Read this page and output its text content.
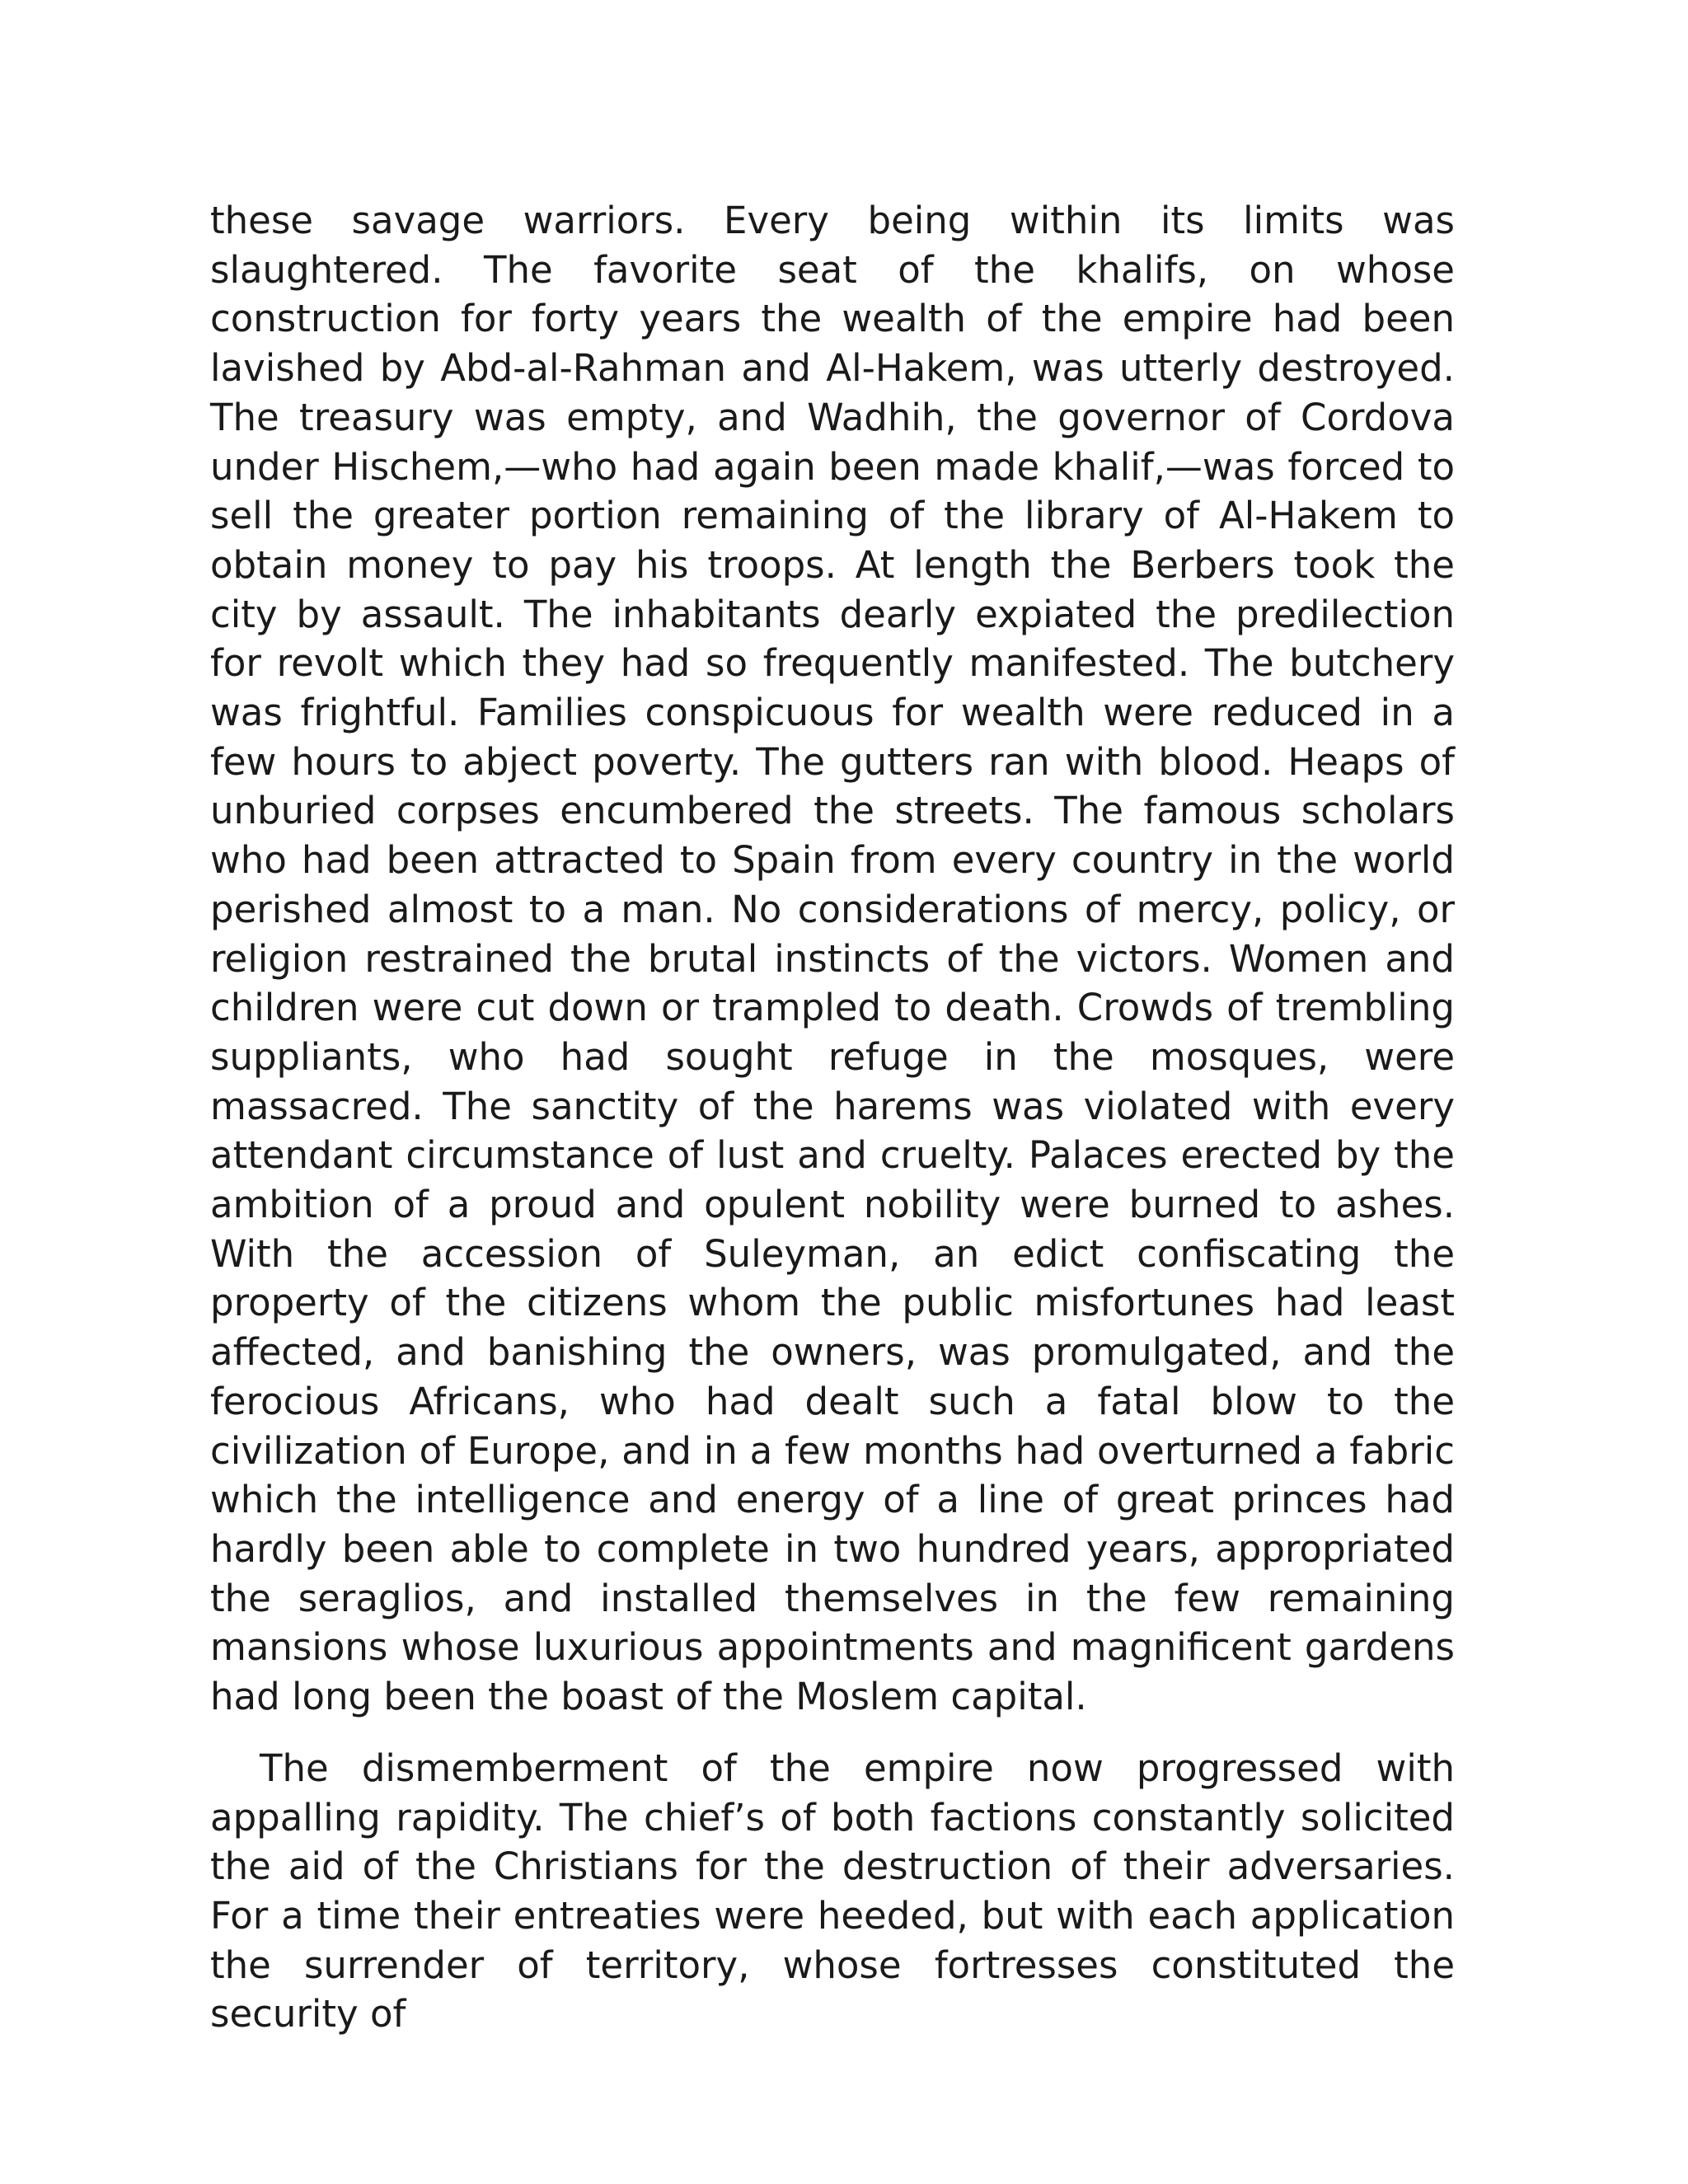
these savage warriors. Every being within its limits was slaughtered. The favorite seat of the khalifs, on whose construction for forty years the wealth of the empire had been lavished by Abd-al-Rahman and Al-Hakem, was utterly destroyed. The treasury was empty, and Wadhih, the governor of Cordova under Hischem,—who had again been made khalif,—was forced to sell the greater portion remaining of the library of Al-Hakem to obtain money to pay his troops. At length the Berbers took the city by assault. The inhabitants dearly expiated the predilection for revolt which they had so frequently manifested. The butchery was frightful. Families conspicuous for wealth were reduced in a few hours to abject poverty. The gutters ran with blood. Heaps of unburied corpses encumbered the streets. The famous scholars who had been attracted to Spain from every country in the world perished almost to a man. No considerations of mercy, policy, or religion restrained the brutal instincts of the victors. Women and children were cut down or trampled to death. Crowds of trembling suppliants, who had sought refuge in the mosques, were massacred. The sanctity of the harems was violated with every attendant circumstance of lust and cruelty. Palaces erected by the ambition of a proud and opulent nobility were burned to ashes. With the accession of Suleyman, an edict confiscating the property of the citizens whom the public misfortunes had least affected, and banishing the owners, was promulgated, and the ferocious Africans, who had dealt such a fatal blow to the civilization of Europe, and in a few months had overturned a fabric which the intelligence and energy of a line of great princes had hardly been able to complete in two hundred years, appropriated the seraglios, and installed themselves in the few remaining mansions whose luxurious appointments and magnificent gardens had long been the boast of the Moslem capital.

The dismemberment of the empire now progressed with appalling rapidity. The chief’s of both factions constantly solicited the aid of the Christians for the destruction of their adversaries. For a time their entreaties were heeded, but with each application the surrender of territory, whose fortresses constituted the security of
